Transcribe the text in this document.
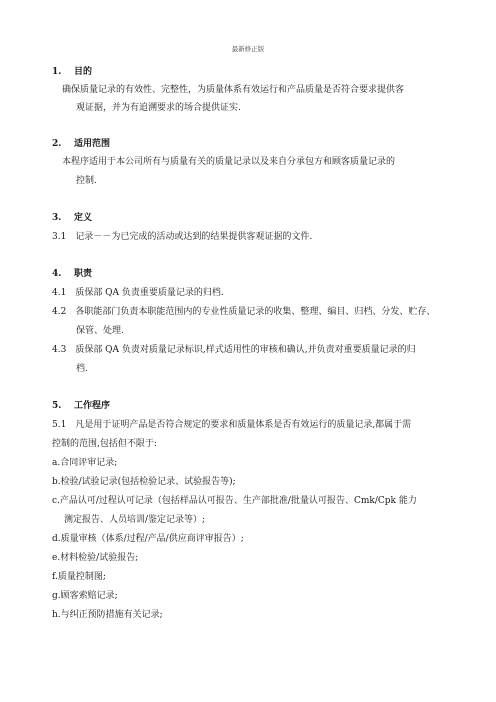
最新修正版
1. 目的
确保质量记录的有效性、完整性，为质量体系有效运行和产品质量是否符合要求提供客
观证据，并为有追溯要求的场合提供证实.
2. 适用范围
本程序适用于本公司所有与质量有关的质量记录以及来自分承包方和顾客质量记录的
控制.
3. 定义
3.1　记录－－为已完成的活动或达到的结果提供客观证据的文件.
4. 职责
4.1　质保部 QA 负责重要质量记录的归档.
4.2　各职能部门负责本职能范围内的专业性质量记录的收集、整理、编目、归档、分发、贮存、
保管、处理.
4.3　质保部 QA 负责对质量记录标识,样式适用性的审核和确认,并负责对重要质量记录的归
档.
5. 工作程序
5.1　凡是用于证明产品是否符合规定的要求和质量体系是否有效运行的质量记录,都属于需
控制的范围,包括但不限于:
a.合同评审记录;
b.检验/试验记录(包括检验记录、试验报告等);
c.产品认可/过程认可记录（包括样品认可报告、生产部批准/批量认可报告、Cmk/Cpk 能力
测定报告、人员培训/鉴定记录等）;
d.质量审核（体系/过程/产品/供应商评审报告）;
e.材料检验/试验报告;
f.质量控制图;
g.顾客索赔记录;
h.与纠正预防措施有关记录;
